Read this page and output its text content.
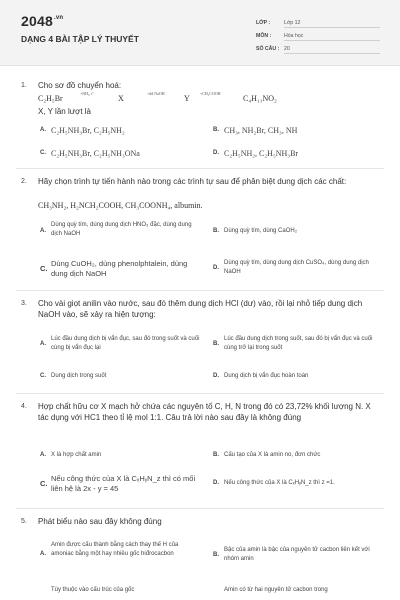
$2048^{.vn}$
DẠNG 4 BÀI TẬP LÝ THUYẾT
LỚP :	Lớp 12
MÔN : Hóa học
SỐ CÂU : 20
1. Cho sơ đồ chuyển hoá:
+NH₃, tº	+dd NaOH	+CH₃COOH
C₂H₅Br	X	Y	C₄H₁₁NO₂
X, Y lần lượt là
A. C₂H₅NH₃Br, C₂H₅NH₂	B. CH₃, NH₂Br, CH₃, NH
C. C₂H₅NH₃Br, C₂H₅NH₃ONa	D. C₂H₅NH₂, C₂H₅NH₃Br
2. Hãy chọn trình tự tiến hành nào trong các trình tự sau để phân biệt dung dịch các chất:
CH₃NH₂, H₂NCH₂COOH, CH₃COONH₄, albumin.
A.
Dùng quỳ tím, dùng dung dịch HNO₃ đặc, dùng dung dịch NaOH	B. Dùng quỳ tím, dùng CaOH₂
C.
Dùng CuOH₂, dùng phenolphtalein, dùng dung dịch NaOH
D.
Dùng quỳ tím, dùng dung dịch CuSO₄, dùng dung dịch NaOH
3. Cho vài giọt anilin vào nước, sau đó thêm dung dịch HCl (dư) vào, rồi lại nhỏ tiếp dung dịch NaOH vào, sẽ xảy ra hiện tượng:
A.
Lúc đầu dung dịch bị vẩn đục, sau đó trong suốt và cuối cùng bị vẩn đục lại
B.
Lúc đầu dung dịch trong suốt, sau đó bị vẩn đục và cuối cùng trở lại trong suốt
C. Dung dịch trong suốt	D. Dung dịch bị vẩn đục hoàn toàn
4. Hợp chất hữu cơ X mạch hở chứa các nguyên tố C, H, N trong đó có 23,72% khối lượng N. X tác dụng với HC1 theo tỉ lệ mol 1:1. Câu trả lời nào sau đây là không đúng
A. X là hợp chất amin	B. Cấu tạo của X là amin no, đơn chức
C.
Nếu công thức của X là CₓHᵧN_z thì có mối liên hệ là 2x - y = 45
D. Nếu công thức của X là CₓHᵧN_z thì z =1.
5. Phát biểu nào sau đây không đúng
A.
Amin được cấu thành bằng cách thay thế H của amoniac bằng một hay nhiều gốc hiđrocacbon	B.
Bậc của amin là bậc của nguyên tử cacbon liên kết với nhóm amin
Tùy thuộc vào cấu trúc của gốc	Amin có từ hai nguyên tử cacbon trong
